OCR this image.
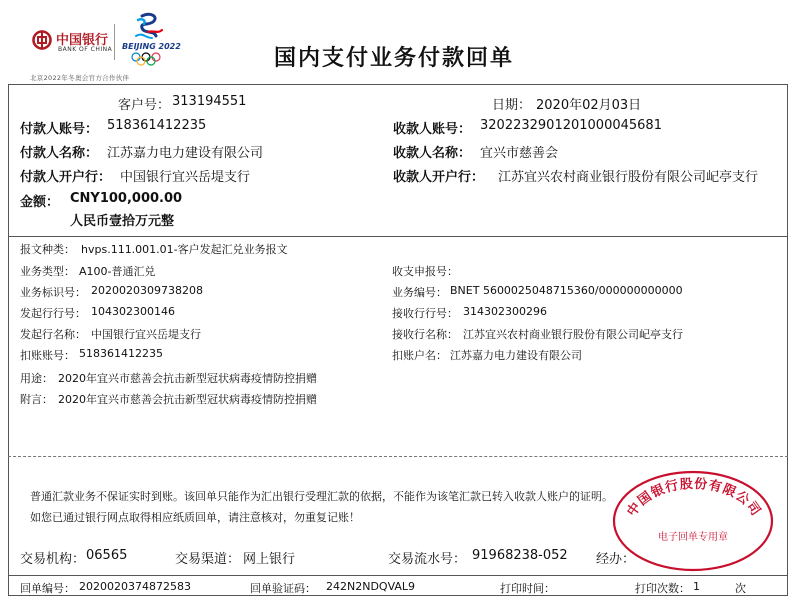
中国银行
BANK OF CHINA BEIJING 2022
北京2022年冬奥会官方合作伙伴
国内支付业务付款回单
客户号： 313194551	日期： 2020年02月03日
付款人账号： 518361412235	收款人账号： 320223290120100004568​1
付款人名称： 江苏嘉力电力建设有限公司	收款人名称： 宜兴市慈善会
付款人开户行： 中国银行宜兴岳堤支行	收款人开户行： 江苏宜兴农村商业银行股份有限公司屺亭支行
金额： CNY100,000.00
人民币壹拾万元整
报文种类： hvps.111.001.01-客户发起汇兑业务报文
业务类型： A100-普通汇兑	收支申报号：
业务标识号： 2020020309738208	业务编号： BNET 560002504871536​0/000000000000
发起行行号： 104302300146	接收行行号： 314302300296
发起行名称： 中国银行宜兴岳堤支行	接收行名称： 江苏宜兴农村商业银行股份有限公司屺亭支行
扣账账号： 518361412235	扣账户名： 江苏嘉力电力建设有限公司
用途： 2020年宜兴市慈善会抗击新型冠状病毒疫情防控捐赠
附言： 2020年宜兴市慈善会抗击新型冠状病毒疫情防控捐赠
普通汇款业务不保证实时到账。该回单只能作为汇出银行受理汇款的依据，不能作为该笔汇款已转入收款人账户的证明。
如您已通过银行网点取得相应纸质回单，请注意核对，勿重复记账！	中国银行股份有限公司
电子回单专用章
交易机构： 06565	交易渠道： 网上银行	交易流水号： 91968238-052 经办：
回单编号： 2020020374872583	回单验证码： 242N2NDQVAL9	打印时间：	打印次数： 1	次
